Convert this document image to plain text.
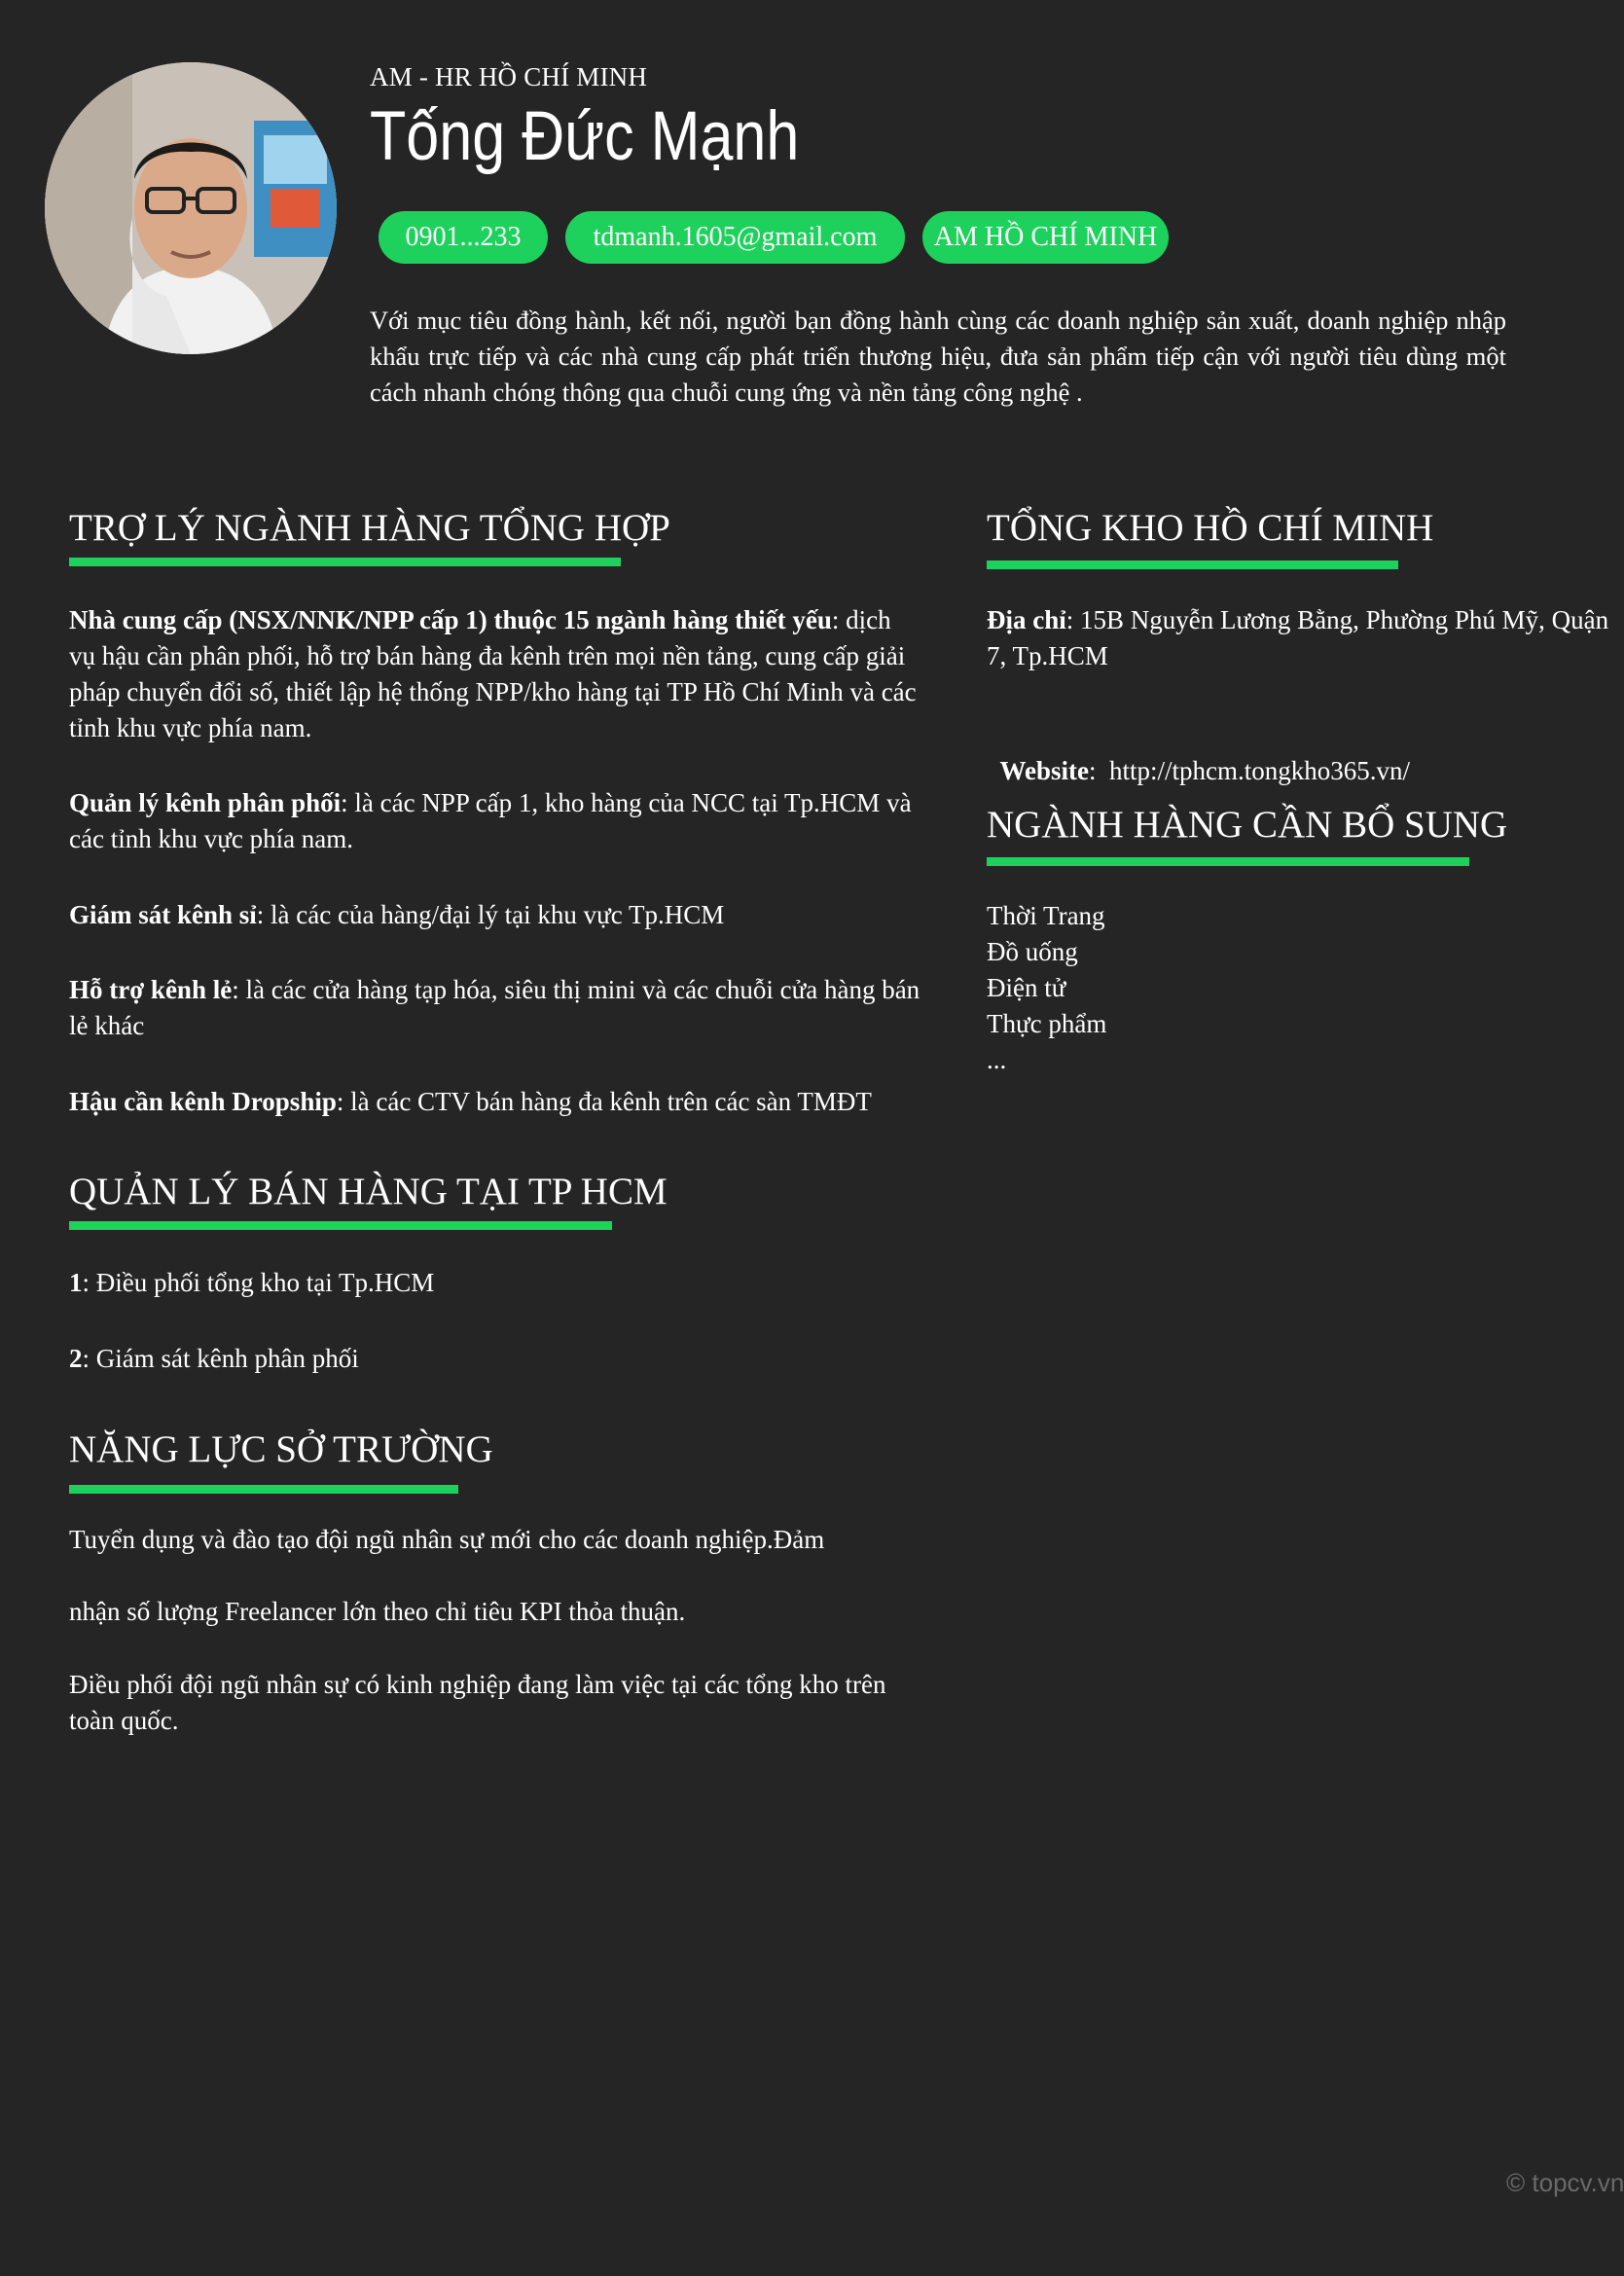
AM - HR HỒ CHÍ MINH
Tống Đức Mạnh
0901...233	tdmanh.1605@gmail.com	AM HỒ CHÍ MINH
Với mục tiêu đồng hành, kết nối, người bạn đồng hành cùng các doanh nghiệp sản xuất, doanh nghiệp nhập khẩu trực tiếp và các nhà cung cấp phát triển thương hiệu, đưa sản phẩm tiếp cận với người tiêu dùng một cách nhanh chóng thông qua chuỗi cung ứng và nền tảng công nghệ .
TRỢ LÝ NGÀNH HÀNG TỔNG HỢP
Nhà cung cấp (NSX/NNK/NPP cấp 1) thuộc 15 ngành hàng thiết yếu: dịch vụ hậu cần phân phối, hỗ trợ bán hàng đa kênh trên mọi nền tảng, cung cấp giải pháp chuyển đổi số, thiết lập hệ thống NPP/kho hàng tại TP Hồ Chí Minh và các tỉnh khu vực phía nam.
Quản lý kênh phân phối: là các NPP cấp 1, kho hàng của NCC tại Tp.HCM và các tỉnh khu vực phía nam.
Giám sát kênh sỉ: là các của hàng/đại lý tại khu vực Tp.HCM
Hỗ trợ kênh lẻ: là các cửa hàng tạp hóa, siêu thị mini và các chuỗi cửa hàng bán lẻ khác
Hậu cần kênh Dropship: là các CTV bán hàng đa kênh trên các sàn TMĐT
QUẢN LÝ BÁN HÀNG TẠI TP HCM
1: Điều phối tổng kho tại Tp.HCM
2: Giám sát kênh phân phối
NĂNG LỰC SỞ TRƯỜNG
Tuyển dụng và đào tạo đội ngũ nhân sự mới cho các doanh nghiệp.Đảm
nhận số lượng Freelancer lớn theo chỉ tiêu KPI thỏa thuận.
Điều phối đội ngũ nhân sự có kinh nghiệp đang làm việc tại các tổng kho trên toàn quốc.
TỔNG KHO HỒ CHÍ MINH
Địa chỉ: 15B Nguyễn Lương Bằng, Phường Phú Mỹ, Quận 7, Tp.HCM

Website:  http://tphcm.tongkho365.vn/

NGÀNH HÀNG CẦN BỔ SUNG
Thời Trang
Đồ uống
Điện tử
Thực phẩm
...
© topcv.vn
